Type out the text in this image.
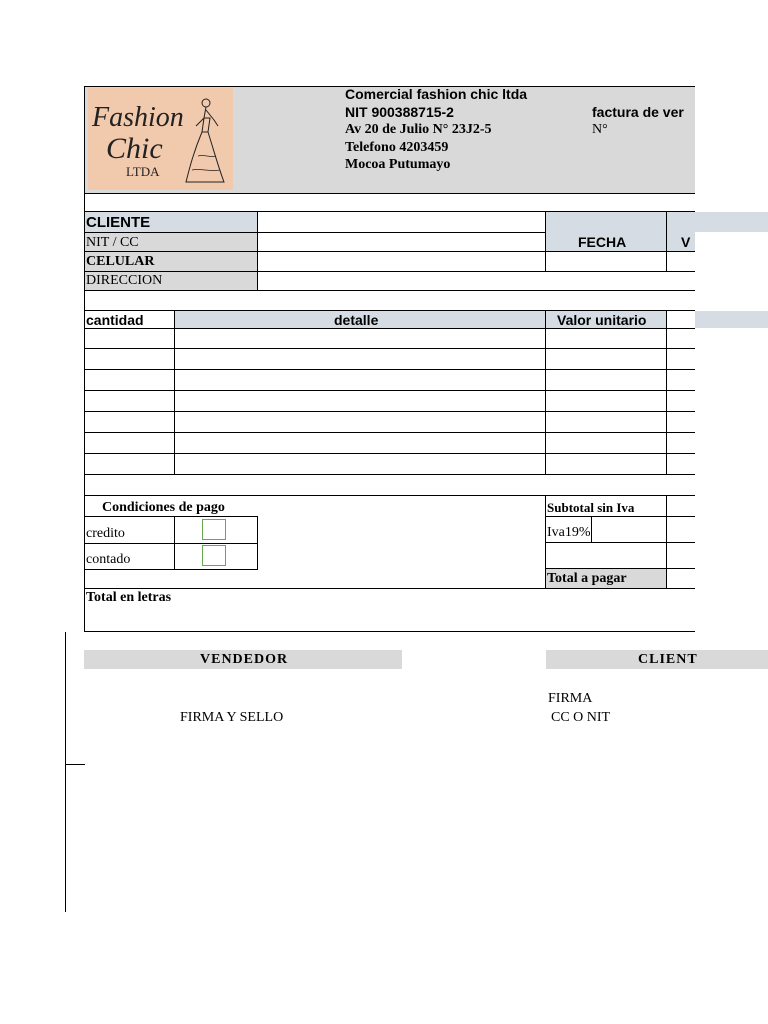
Fashion
Chic
LTDA
Comercial fashion chic ltda
NIT 900388715-2
Av 20 de Julio N° 23J2-5
Telefono 4203459
Mocoa Putumayo
factura de ver
N°
CLIENTE
NIT / CC
CELULAR
DIRECCION
FECHA	V
cantidad	detalle	Valor unitario
Condiciones de pago
credito
contado
Subtotal sin Iva
Iva19%
Total a pagar
Total en letras
VENDEDOR	CLIENT
FIRMA Y SELLO
FIRMA
CC O NIT
